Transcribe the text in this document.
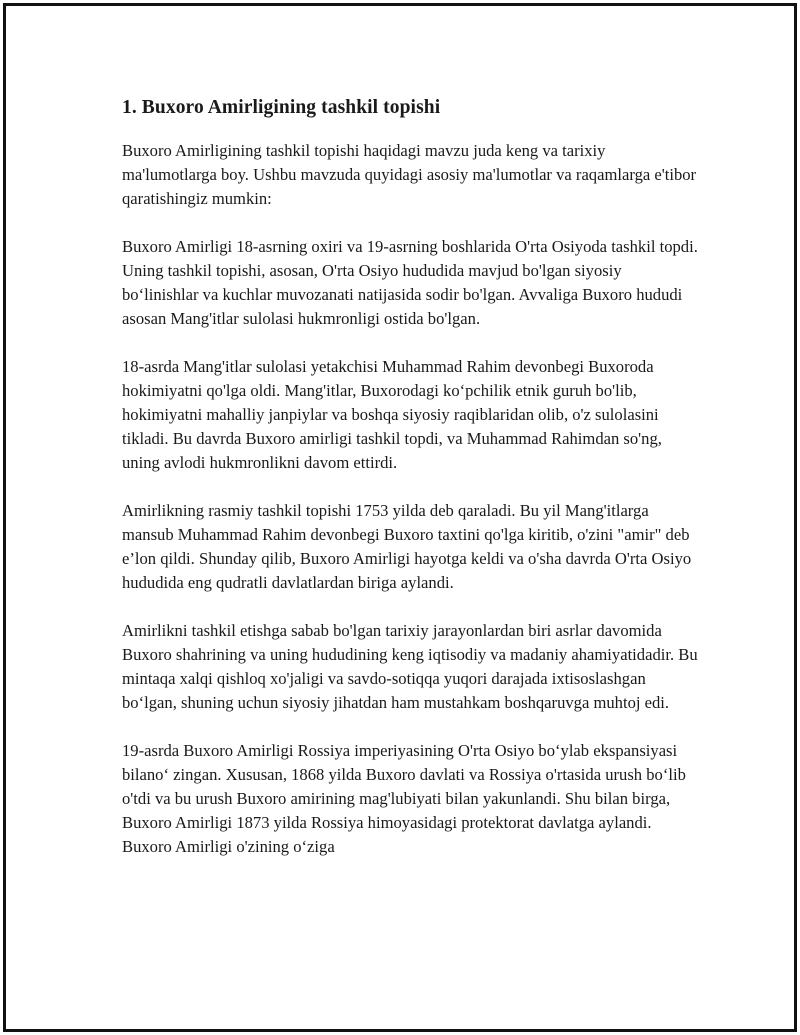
1. Buxoro Amirligining tashkil topishi

Buxoro Amirligining tashkil topishi haqidagi mavzu juda keng va tarixiy ma'lumotlarga boy. Ushbu mavzuda quyidagi asosiy ma'lumotlar va raqamlarga e'tibor qaratishingiz mumkin:

Buxoro Amirligi 18-asrning oxiri va 19-asrning boshlarida O'rta Osiyoda tashkil topdi. Uning tashkil topishi, asosan, O'rta Osiyo hududida mavjud bo'lgan siyosiy bo‘linishlar va kuchlar muvozanati natijasida sodir bo'lgan. Avvaliga Buxoro hududi asosan Mang'itlar sulolasi hukmronligi ostida bo'lgan.

18-asrda Mang'itlar sulolasi yetakchisi Muhammad Rahim devonbegi Buxoroda hokimiyatni qo'lga oldi. Mang'itlar, Buxorodagi ko‘pchilik etnik guruh bo'lib, hokimiyatni mahalliy janpiylar va boshqa siyosiy raqiblaridan olib, o'z sulolasini tikladi. Bu davrda Buxoro amirligi tashkil topdi, va Muhammad Rahimdan so'ng, uning avlodi hukmronlikni davom ettirdi.

Amirlikning rasmiy tashkil topishi 1753 yilda deb qaraladi. Bu yil Mang'itlarga mansub Muhammad Rahim devonbegi Buxoro taxtini qo'lga kiritib, o'zini "amir" deb e’lon qildi. Shunday qilib, Buxoro Amirligi hayotga keldi va o'sha davrda O'rta Osiyo hududida eng qudratli davlatlardan biriga aylandi.

Amirlikni tashkil etishga sabab bo'lgan tarixiy jarayonlardan biri asrlar davomida Buxoro shahrining va uning hududining keng iqtisodiy va madaniy ahamiyatidadir. Bu mintaqa xalqi qishloq xo'jaligi va savdo-sotiqqa yuqori darajada ixtisoslashgan bo‘lgan, shuning uchun siyosiy jihatdan ham mustahkam boshqaruvga muhtoj edi.

19-asrda Buxoro Amirligi Rossiya imperiyasining O'rta Osiyo bo‘ylab ekspansiyasi bilano‘ zingan. Xususan, 1868 yilda Buxoro davlati va Rossiya o'rtasida urush bo‘lib o'tdi va bu urush Buxoro amirining mag'lubiyati bilan yakunlandi. Shu bilan birga, Buxoro Amirligi 1873 yilda Rossiya himoyasidagi protektorat davlatga aylandi. Buxoro Amirligi o'zining o‘ziga
